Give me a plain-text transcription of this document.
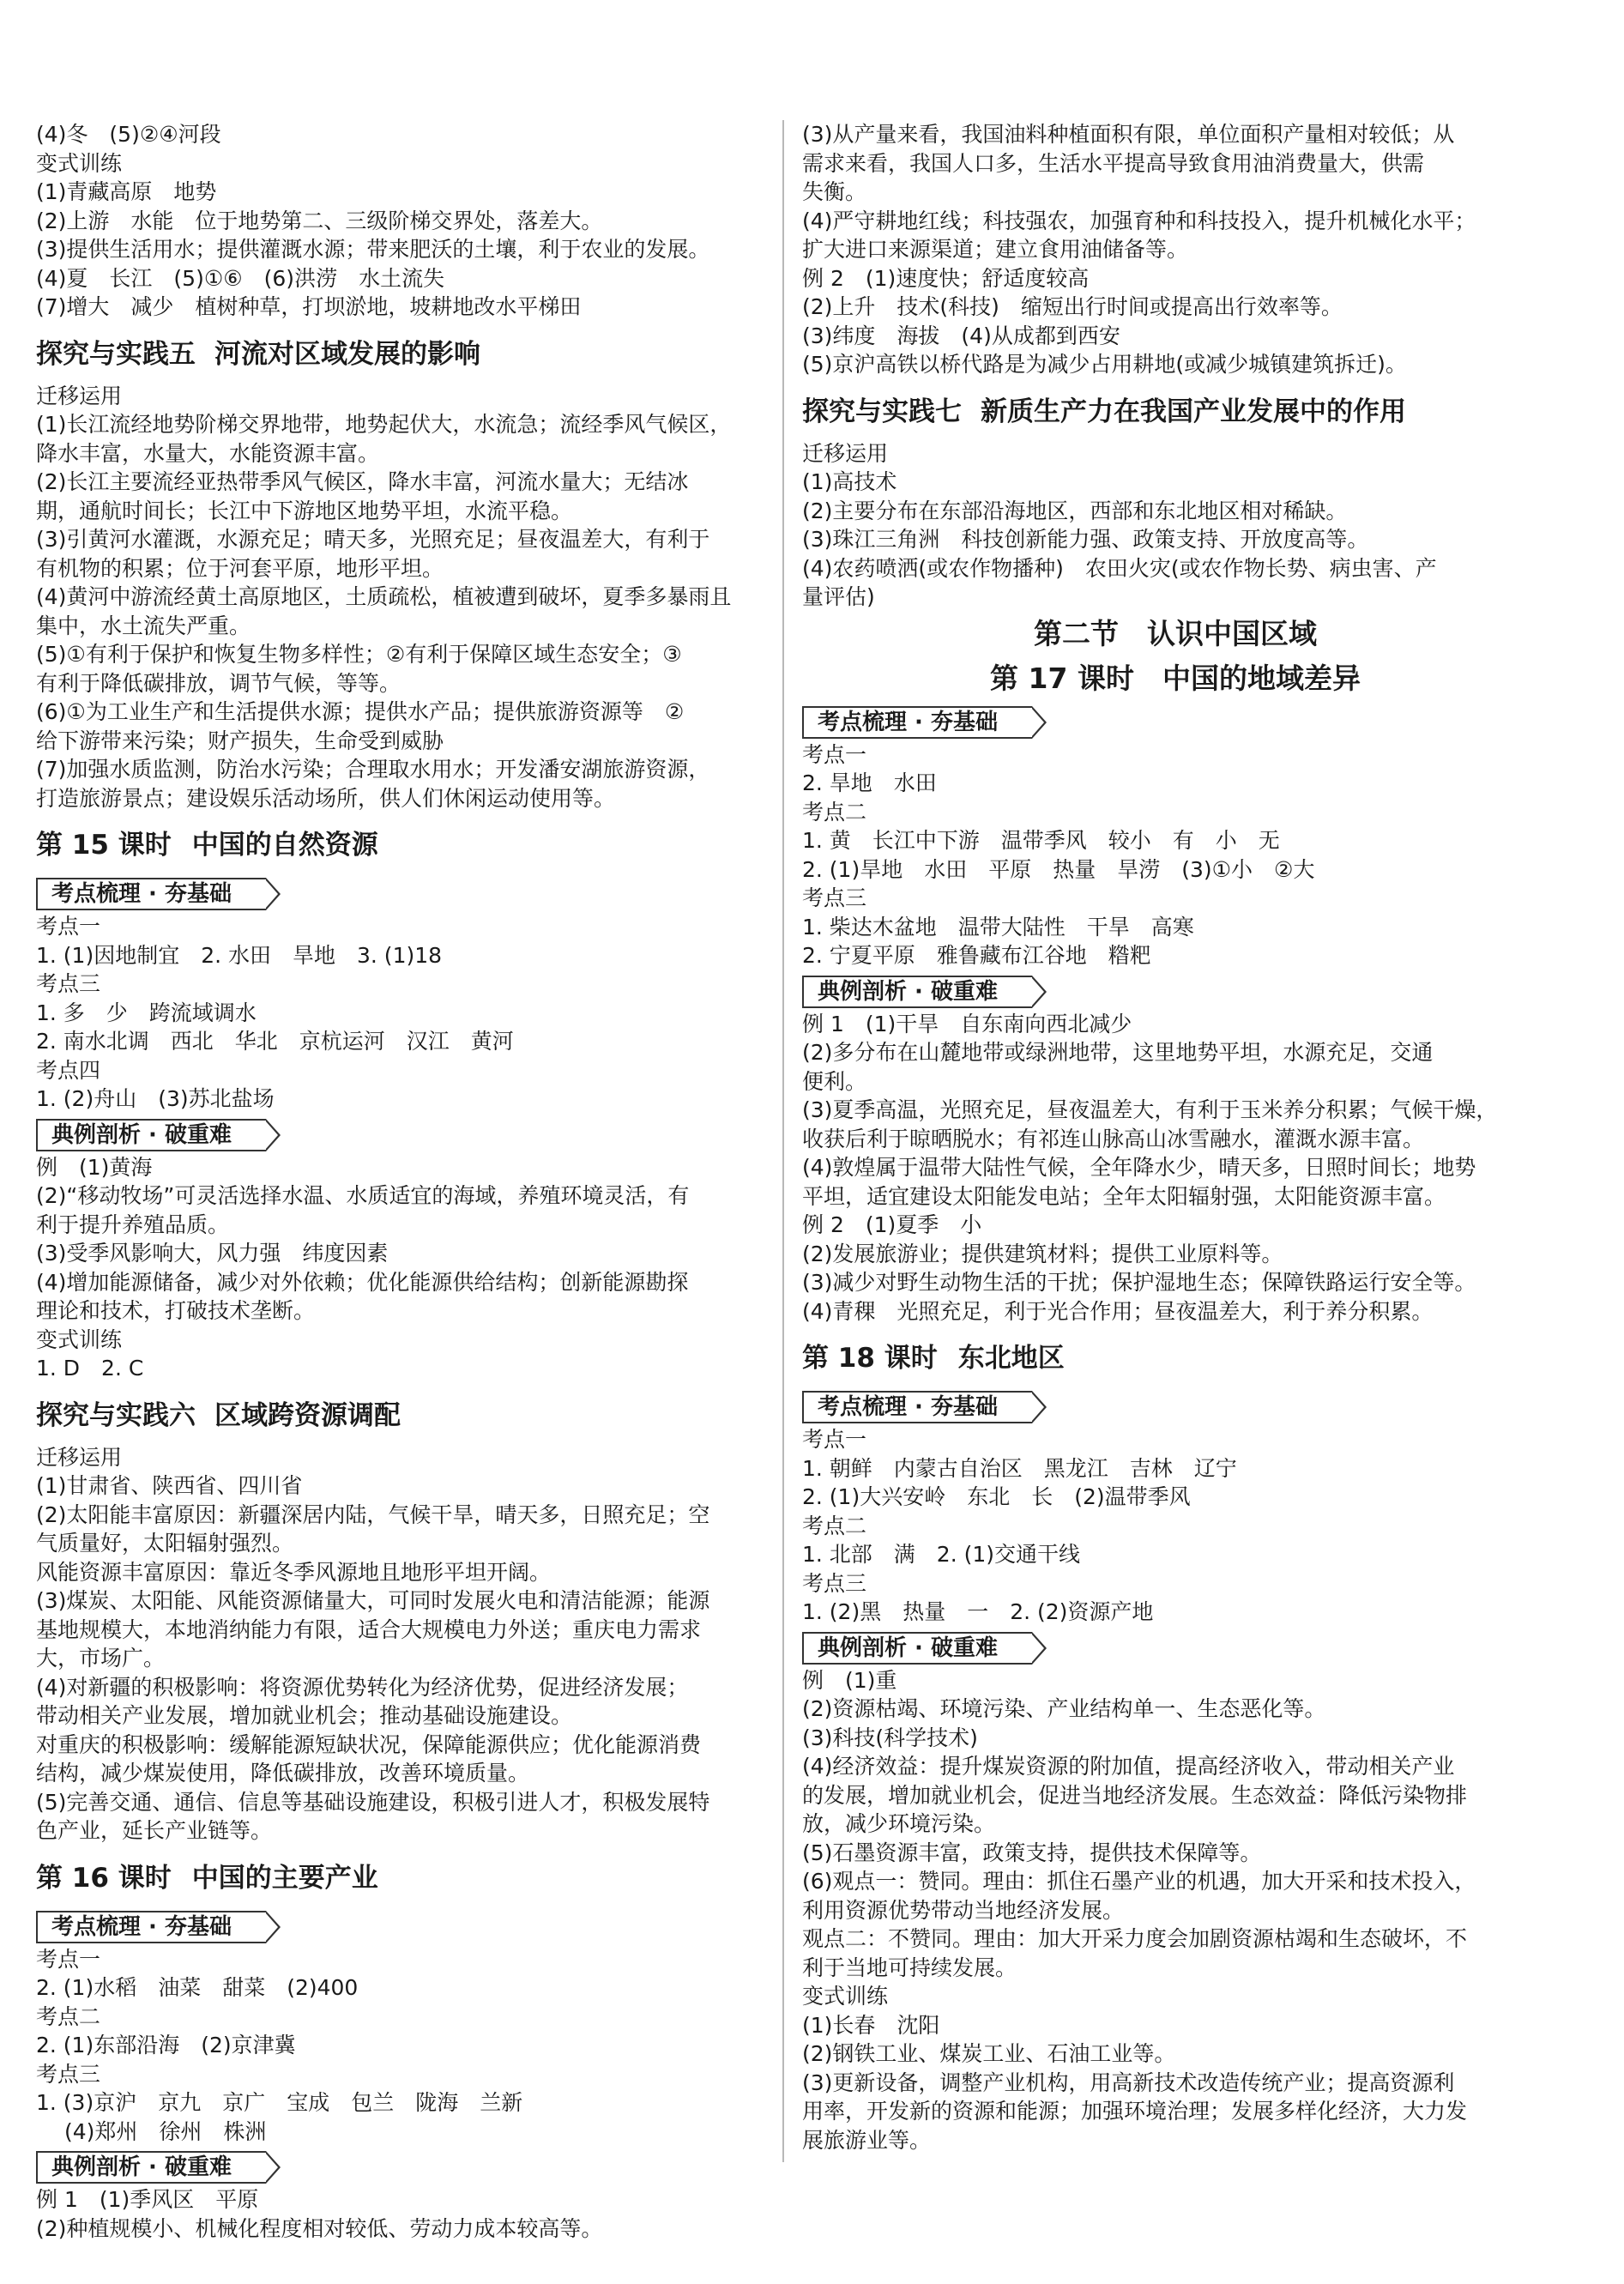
(4)冬　(5)②④河段
变式训练
(1)青藏高原　地势
(2)上游　水能　位于地势第二、三级阶梯交界处，落差大。
(3)提供生活用水；提供灌溉水源；带来肥沃的土壤，利于农业的发展。
(4)夏　长江　(5)①⑥　(6)洪涝　水土流失
(7)增大　减少　植树种草，打坝淤地，坡耕地改水平梯田
探究与实践五 河流对区域发展的影响
迁移运用
(1)长江流经地势阶梯交界地带，地势起伏大，水流急；流经季风气候区，
降水丰富，水量大，水能资源丰富。
(2)长江主要流经亚热带季风气候区，降水丰富，河流水量大；无结冰
期，通航时间长；长江中下游地区地势平坦，水流平稳。
(3)引黄河水灌溉，水源充足；晴天多，光照充足；昼夜温差大，有利于
有机物的积累；位于河套平原，地形平坦。
(4)黄河中游流经黄土高原地区，土质疏松，植被遭到破坏，夏季多暴雨且
集中，水土流失严重。
(5)①有利于保护和恢复生物多样性；②有利于保障区域生态安全；③
有利于降低碳排放，调节气候，等等。
(6)①为工业生产和生活提供水源；提供水产品；提供旅游资源等　②
给下游带来污染；财产损失，生命受到威胁
(7)加强水质监测，防治水污染；合理取水用水；开发潘安湖旅游资源，
打造旅游景点；建设娱乐活动场所，供人们休闲运动使用等。
第 15 课时 中国的自然资源
考点梳理 · 夯基础
考点一
1. (1)因地制宜　2. 水田　旱地　3. (1)18
考点三
1. 多　少　跨流域调水
2. 南水北调　西北　华北　京杭运河　汉江　黄河
考点四
1. (2)舟山　(3)苏北盐场
典例剖析 · 破重难
例　(1)黄海
(2)“移动牧场”可灵活选择水温、水质适宜的海域，养殖环境灵活，有
利于提升养殖品质。
(3)受季风影响大，风力强　纬度因素
(4)增加能源储备，减少对外依赖；优化能源供给结构；创新能源勘探
理论和技术，打破技术垄断。
变式训练
1. D　2. C
探究与实践六 区域跨资源调配
迁移运用
(1)甘肃省、陕西省、四川省
(2)太阳能丰富原因：新疆深居内陆，气候干旱，晴天多，日照充足；空
气质量好，太阳辐射强烈。
风能资源丰富原因：靠近冬季风源地且地形平坦开阔。
(3)煤炭、太阳能、风能资源储量大，可同时发展火电和清洁能源；能源
基地规模大，本地消纳能力有限，适合大规模电力外送；重庆电力需求
大，市场广。
(4)对新疆的积极影响：将资源优势转化为经济优势，促进经济发展；
带动相关产业发展，增加就业机会；推动基础设施建设。
对重庆的积极影响：缓解能源短缺状况，保障能源供应；优化能源消费
结构，减少煤炭使用，降低碳排放，改善环境质量。
(5)完善交通、通信、信息等基础设施建设，积极引进人才，积极发展特
色产业，延长产业链等。
第 16 课时 中国的主要产业
考点梳理 · 夯基础
考点一
2. (1)水稻　油菜　甜菜　(2)400
考点二
2. (1)东部沿海　(2)京津冀
考点三
1. (3)京沪　京九　京广　宝成　包兰　陇海　兰新
　 (4)郑州　徐州　株洲
典例剖析 · 破重难
例 1　(1)季风区　平原
(2)种植规模小、机械化程度相对较低、劳动力成本较高等。
(3)从产量来看，我国油料种植面积有限，单位面积产量相对较低；从
需求来看，我国人口多，生活水平提高导致食用油消费量大，供需
失衡。
(4)严守耕地红线；科技强农，加强育种和科技投入，提升机械化水平；
扩大进口来源渠道；建立食用油储备等。
例 2　(1)速度快；舒适度较高
(2)上升　技术(科技)　缩短出行时间或提高出行效率等。
(3)纬度　海拔　(4)从成都到西安
(5)京沪高铁以桥代路是为减少占用耕地(或减少城镇建筑拆迁)。
探究与实践七 新质生产力在我国产业发展中的作用
迁移运用
(1)高技术
(2)主要分布在东部沿海地区，西部和东北地区相对稀缺。
(3)珠江三角洲　科技创新能力强、政策支持、开放度高等。
(4)农药喷洒(或农作物播种)　农田火灾(或农作物长势、病虫害、产
量评估)
第二节　认识中国区域
第 17 课时　中国的地域差异
考点梳理 · 夯基础
考点一
2. 旱地　水田
考点二
1. 黄　长江中下游　温带季风　较小　有　小　无
2. (1)旱地　水田　平原　热量　旱涝　(3)①小　②大
考点三
1. 柴达木盆地　温带大陆性　干旱　高寒
2. 宁夏平原　雅鲁藏布江谷地　糌粑
典例剖析 · 破重难
例 1　(1)干旱　自东南向西北减少
(2)多分布在山麓地带或绿洲地带，这里地势平坦，水源充足，交通
便利。
(3)夏季高温，光照充足，昼夜温差大，有利于玉米养分积累；气候干燥，
收获后利于晾晒脱水；有祁连山脉高山冰雪融水，灌溉水源丰富。
(4)敦煌属于温带大陆性气候，全年降水少，晴天多，日照时间长；地势
平坦，适宜建设太阳能发电站；全年太阳辐射强，太阳能资源丰富。
例 2　(1)夏季　小
(2)发展旅游业；提供建筑材料；提供工业原料等。
(3)减少对野生动物生活的干扰；保护湿地生态；保障铁路运行安全等。
(4)青稞　光照充足，利于光合作用；昼夜温差大，利于养分积累。
第 18 课时 东北地区
考点梳理 · 夯基础
考点一
1. 朝鲜　内蒙古自治区　黑龙江　吉林　辽宁
2. (1)大兴安岭　东北　长　(2)温带季风
考点二
1. 北部　满　2. (1)交通干线
考点三
1. (2)黑　热量　一　2. (2)资源产地
典例剖析 · 破重难
例　(1)重
(2)资源枯竭、环境污染、产业结构单一、生态恶化等。
(3)科技(科学技术)
(4)经济效益：提升煤炭资源的附加值，提高经济收入，带动相关产业
的发展，增加就业机会，促进当地经济发展。生态效益：降低污染物排
放，减少环境污染。
(5)石墨资源丰富，政策支持，提供技术保障等。
(6)观点一：赞同。理由：抓住石墨产业的机遇，加大开采和技术投入，
利用资源优势带动当地经济发展。
观点二：不赞同。理由：加大开采力度会加剧资源枯竭和生态破坏，不
利于当地可持续发展。
变式训练
(1)长春　沈阳
(2)钢铁工业、煤炭工业、石油工业等。
(3)更新设备，调整产业机构，用高新技术改造传统产业；提高资源利
用率，开发新的资源和能源；加强环境治理；发展多样化经济，大力发
展旅游业等。
